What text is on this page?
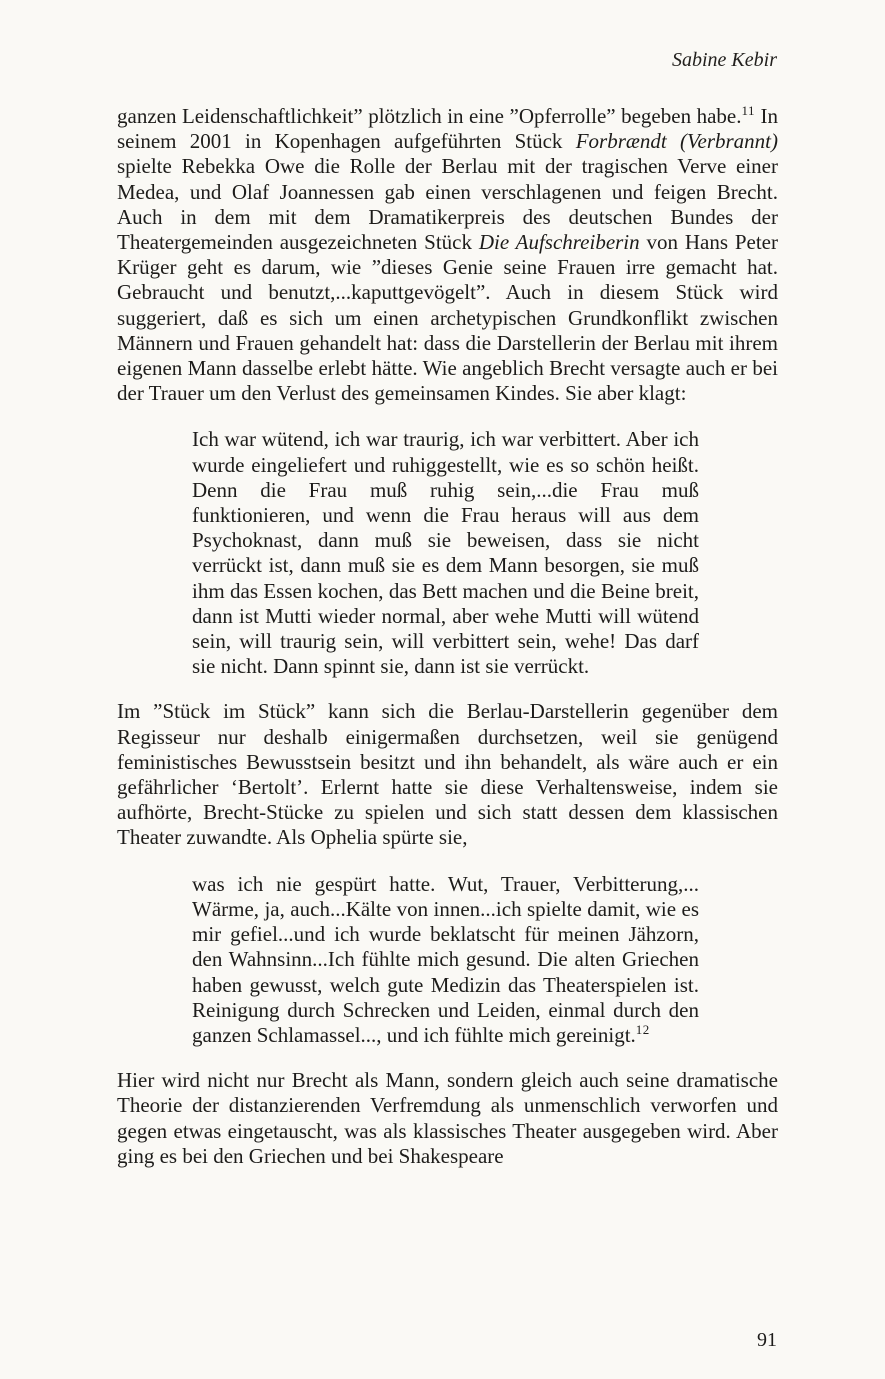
Sabine Kebir

ganzen Leidenschaftlichkeit” plötzlich in eine ”Opferrolle” begeben habe.$^{11}$ In seinem 2001 in Kopenhagen aufgeführten Stück Forbrændt (Verbrannt) spielte Rebekka Owe die Rolle der Berlau mit der tragischen Verve einer Medea, und Olaf Joannessen gab einen verschlagenen und feigen Brecht. Auch in dem mit dem Dramatikerpreis des deutschen Bundes der Theatergemeinden ausgezeichneten Stück Die Aufschreiberin von Hans Peter Krüger geht es darum, wie ”dieses Genie seine Frauen irre gemacht hat. Gebraucht und benutzt,...kaputtgevögelt”. Auch in diesem Stück wird suggeriert, daß es sich um einen archetypischen Grundkonflikt zwischen Männern und Frauen gehandelt hat: dass die Darstellerin der Berlau mit ihrem eigenen Mann dasselbe erlebt hätte. Wie angeblich Brecht versagte auch er bei der Trauer um den Verlust des gemeinsamen Kindes. Sie aber klagt:

Ich war wütend, ich war traurig, ich war verbittert. Aber ich wurde eingeliefert und ruhiggestellt, wie es so schön heißt. Denn die Frau muß ruhig sein,...die Frau muß funktionieren, und wenn die Frau heraus will aus dem Psychoknast, dann muß sie beweisen, dass sie nicht verrückt ist, dann muß sie es dem Mann besorgen, sie muß ihm das Essen kochen, das Bett machen und die Beine breit, dann ist Mutti wieder normal, aber wehe Mutti will wütend sein, will traurig sein, will verbittert sein, wehe! Das darf sie nicht. Dann spinnt sie, dann ist sie verrückt.

Im ”Stück im Stück” kann sich die Berlau-Darstellerin gegenüber dem Regisseur nur deshalb einigermaßen durchsetzen, weil sie genügend feministisches Bewusstsein besitzt und ihn behandelt, als wäre auch er ein gefährlicher ‘Bertolt’. Erlernt hatte sie diese Verhaltensweise, indem sie aufhörte, Brecht-Stücke zu spielen und sich statt dessen dem klassischen Theater zuwandte. Als Ophelia spürte sie,

was ich nie gespürt hatte. Wut, Trauer, Verbitterung,... Wärme, ja, auch...Kälte von innen...ich spielte damit, wie es mir gefiel...und ich wurde beklatscht für meinen Jähzorn, den Wahnsinn...Ich fühlte mich gesund. Die alten Griechen haben gewusst, welch gute Medizin das Theaterspielen ist. Reinigung durch Schrecken und Leiden, einmal durch den ganzen Schlamassel..., und ich fühlte mich gereinigt.$^{12}$

Hier wird nicht nur Brecht als Mann, sondern gleich auch seine dramatische Theorie der distanzierenden Verfremdung als unmenschlich verworfen und gegen etwas eingetauscht, was als klassisches Theater ausgegeben wird. Aber ging es bei den Griechen und bei Shakespeare

91
